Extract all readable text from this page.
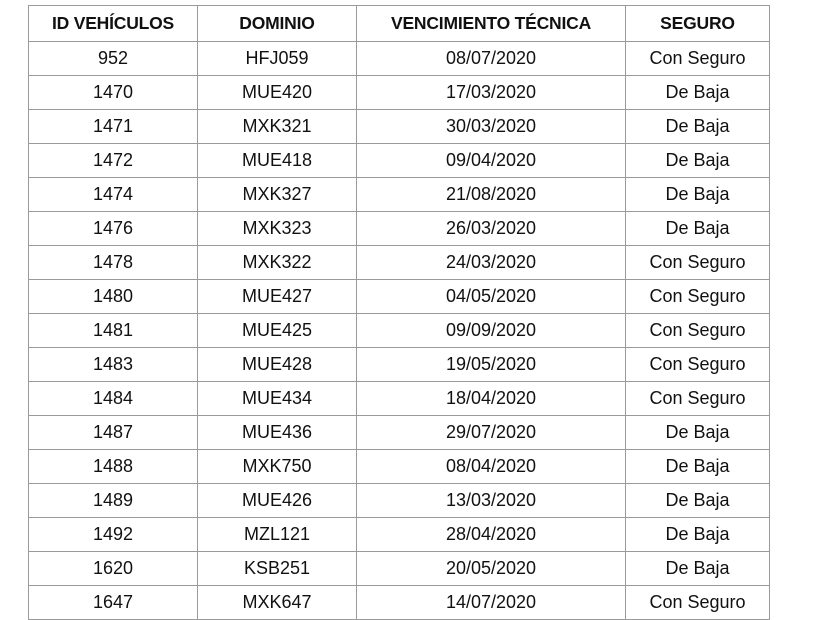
ID VEHÍCULOS	DOMINIO	VENCIMIENTO TÉCNICA	SEGURO
952	HFJ059	08/07/2020	Con Seguro
1470	MUE420	17/03/2020	De Baja
1471	MXK321	30/03/2020	De Baja
1472	MUE418	09/04/2020	De Baja
1474	MXK327	21/08/2020	De Baja
1476	MXK323	26/03/2020	De Baja
1478	MXK322	24/03/2020	Con Seguro
1480	MUE427	04/05/2020	Con Seguro
1481	MUE425	09/09/2020	Con Seguro
1483	MUE428	19/05/2020	Con Seguro
1484	MUE434	18/04/2020	Con Seguro
1487	MUE436	29/07/2020	De Baja
1488	MXK750	08/04/2020	De Baja
1489	MUE426	13/03/2020	De Baja
1492	MZL121	28/04/2020	De Baja
1620	KSB251	20/05/2020	De Baja
1647	MXK647	14/07/2020	Con Seguro
